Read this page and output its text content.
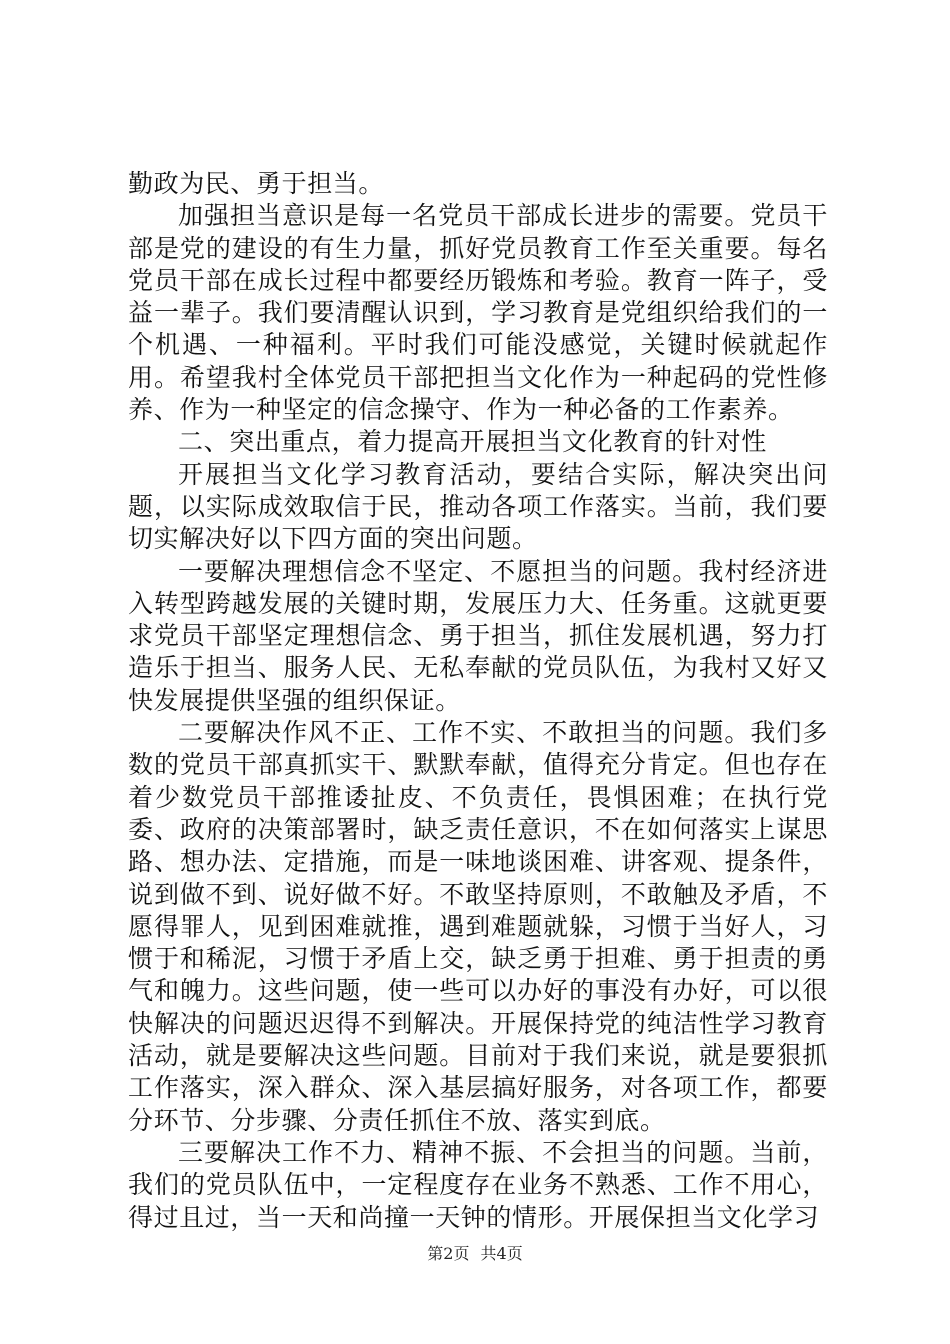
勤政为民、勇于担当。

加强担当意识是每一名党员干部成长进步的需要。党员干部是党的建设的有生力量，抓好党员教育工作至关重要。每名党员干部在成长过程中都要经历锻炼和考验。教育一阵子，受益一辈子。我们要清醒认识到，学习教育是党组织给我们的一个机遇、一种福利。平时我们可能没感觉，关键时候就起作用。希望我村全体党员干部把担当文化作为一种起码的党性修养、作为一种坚定的信念操守、作为一种必备的工作素养。

二、突出重点，着力提高开展担当文化教育的针对性

开展担当文化学习教育活动，要结合实际，解决突出问题，以实际成效取信于民，推动各项工作落实。当前，我们要切实解决好以下四方面的突出问题。

一要解决理想信念不坚定、不愿担当的问题。我村经济进入转型跨越发展的关键时期，发展压力大、任务重。这就更要求党员干部坚定理想信念、勇于担当，抓住发展机遇，努力打造乐于担当、服务人民、无私奉献的党员队伍，为我村又好又快发展提供坚强的组织保证。

二要解决作风不正、工作不实、不敢担当的问题。我们多数的党员干部真抓实干、默默奉献，值得充分肯定。但也存在着少数党员干部推诿扯皮、不负责任，畏惧困难；在执行党委、政府的决策部署时，缺乏责任意识，不在如何落实上谋思路、想办法、定措施，而是一味地谈困难、讲客观、提条件，说到做不到、说好做不好。不敢坚持原则，不敢触及矛盾，不愿得罪人，见到困难就推，遇到难题就躲，习惯于当好人，习惯于和稀泥，习惯于矛盾上交，缺乏勇于担难、勇于担责的勇气和魄力。这些问题，使一些可以办好的事没有办好，可以很快解决的问题迟迟得不到解决。开展保持党的纯洁性学习教育活动，就是要解决这些问题。目前对于我们来说，就是要狠抓工作落实，深入群众、深入基层搞好服务，对各项工作，都要分环节、分步骤、分责任抓住不放、落实到底。

三要解决工作不力、精神不振、不会担当的问题。当前，我们的党员队伍中，一定程度存在业务不熟悉、工作不用心，得过且过，当一天和尚撞一天钟的情形。开展保担当文化学习

第2页 共4页
